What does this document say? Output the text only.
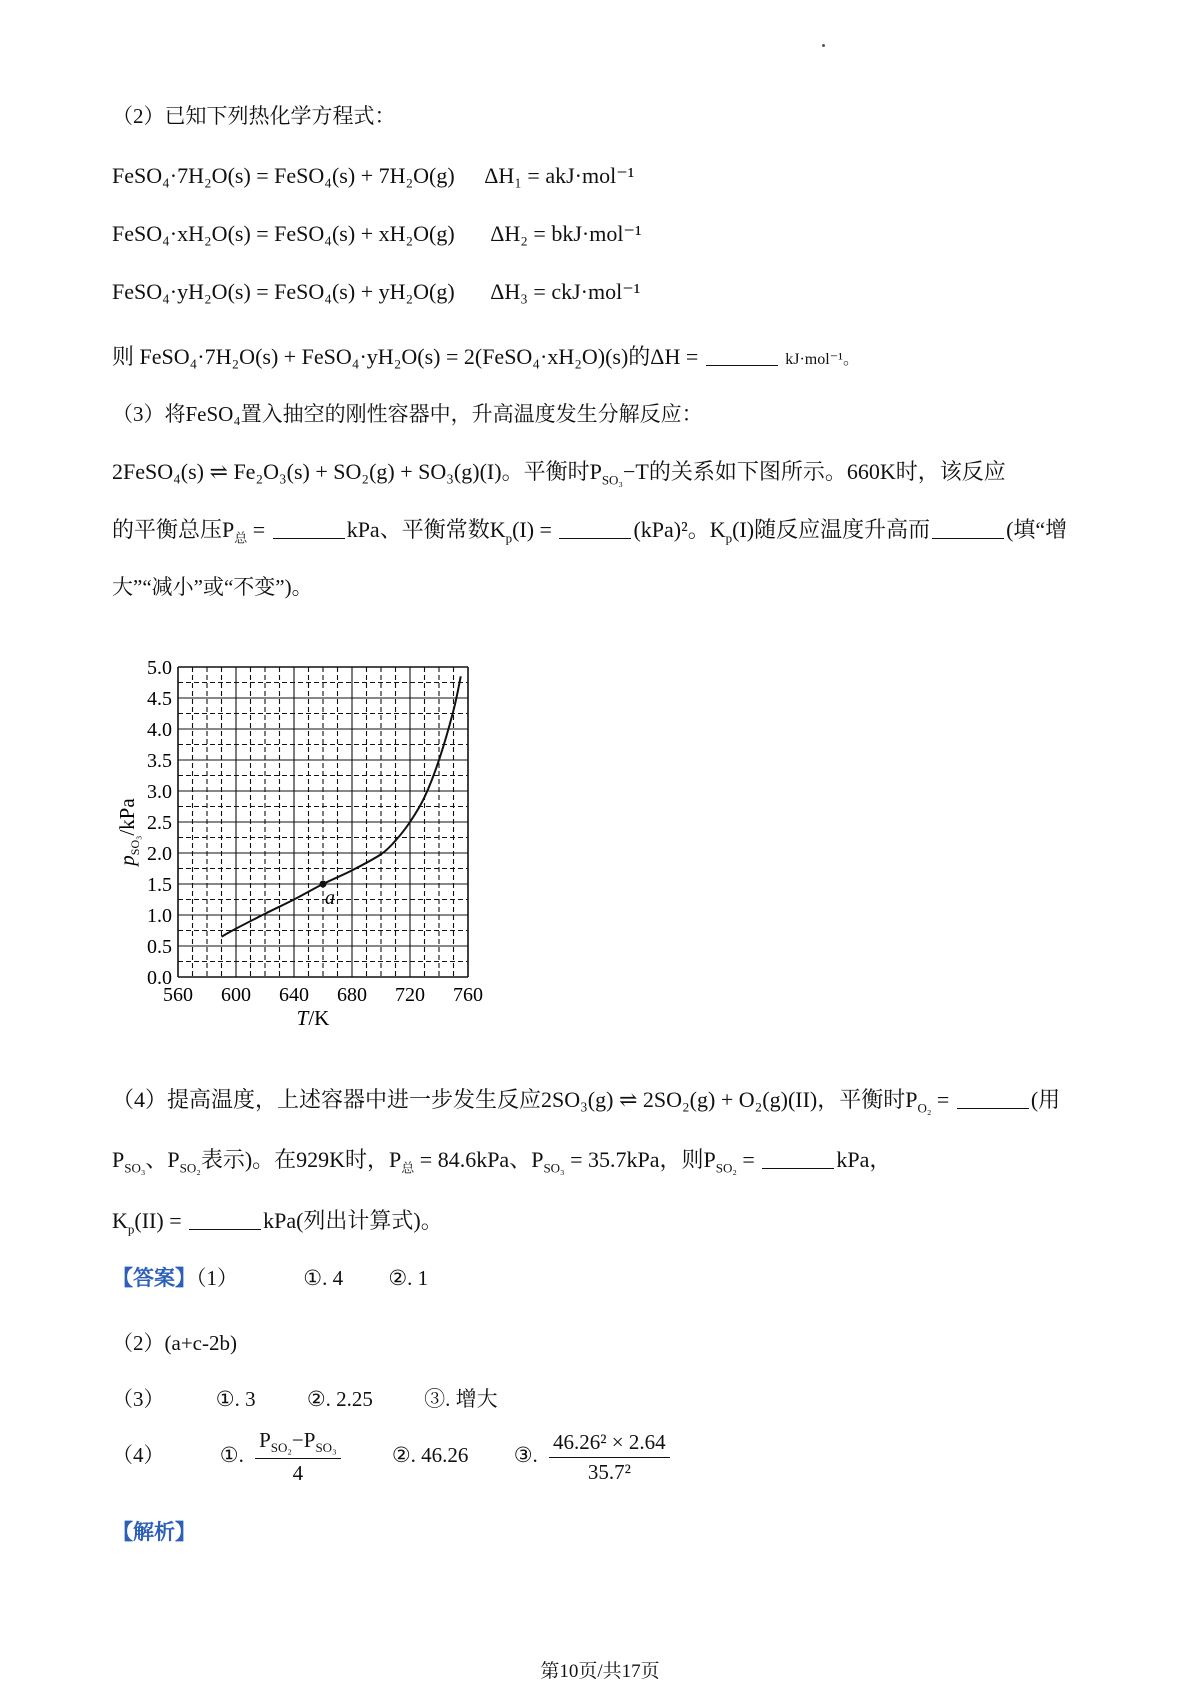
（2）已知下列热化学方程式：
FeSO₄·7H₂O(s) = FeSO₄(s) + 7H₂O(g) ΔH₁ = akJ·mol⁻¹
FeSO₄·xH₂O(s) = FeSO₄(s) + xH₂O(g) ΔH₂ = bkJ·mol⁻¹
FeSO₄·yH₂O(s) = FeSO₄(s) + yH₂O(g) ΔH₃ = ckJ·mol⁻¹
则 FeSO₄·7H₂O(s) + FeSO₄·yH₂O(s) = 2(FeSO₄·xH₂O)(s)的ΔH =	kJ·mol⁻¹。
（3）将FeSO₄置入抽空的刚性容器中，升高温度发生分解反应：
2FeSO₄(s) ⇌ Fe₂O₃(s) + SO₂(g) + SO₃(g)(I)。平衡时$P_{SO_3}-T$的关系如下图所示。660K时，该反应
的平衡总压$P_总$ =	kPa、平衡常数$K_p(I)$ =	(kPa)²。$K_p(I)$随反应温度升高而	(填“增
大”“减小”或“不变”)。
560 600 640 680 720 760
0.0
0.5
1.0
1.5
2.0
2.5
3.0
3.5
4.0
4.5
5.0
a
T/K
$p_{SO_3}$/kPa
（4）提高温度，上述容器中进一步发生反应2SO₃(g) ⇌ 2SO₂(g) + O₂(g)(II)，平衡时$P_{O_2}$ =	(用
$P_{SO_3}$、$P_{SO_2}$表示)。在929K时，$P_总 = 84.6kPa$、$P_{SO_3} = 35.7kPa$，则$P_{SO_2}$ =	kPa，
$K_p(II)$ =	kPa(列出计算式)。
【答案】（1）	①. 4 ②. 1
（2）(a+c-2b)
（3） ①. 3 ②. 2.25 ③. 增大
（4）	①. $\frac{P_{SO_2}-P_{SO_3}}{4}$ ②. 46.26 ③. $\frac{\text{46.26² × 2.64}}{\text{35.7²}}$
【解析】
第10页/共17页
